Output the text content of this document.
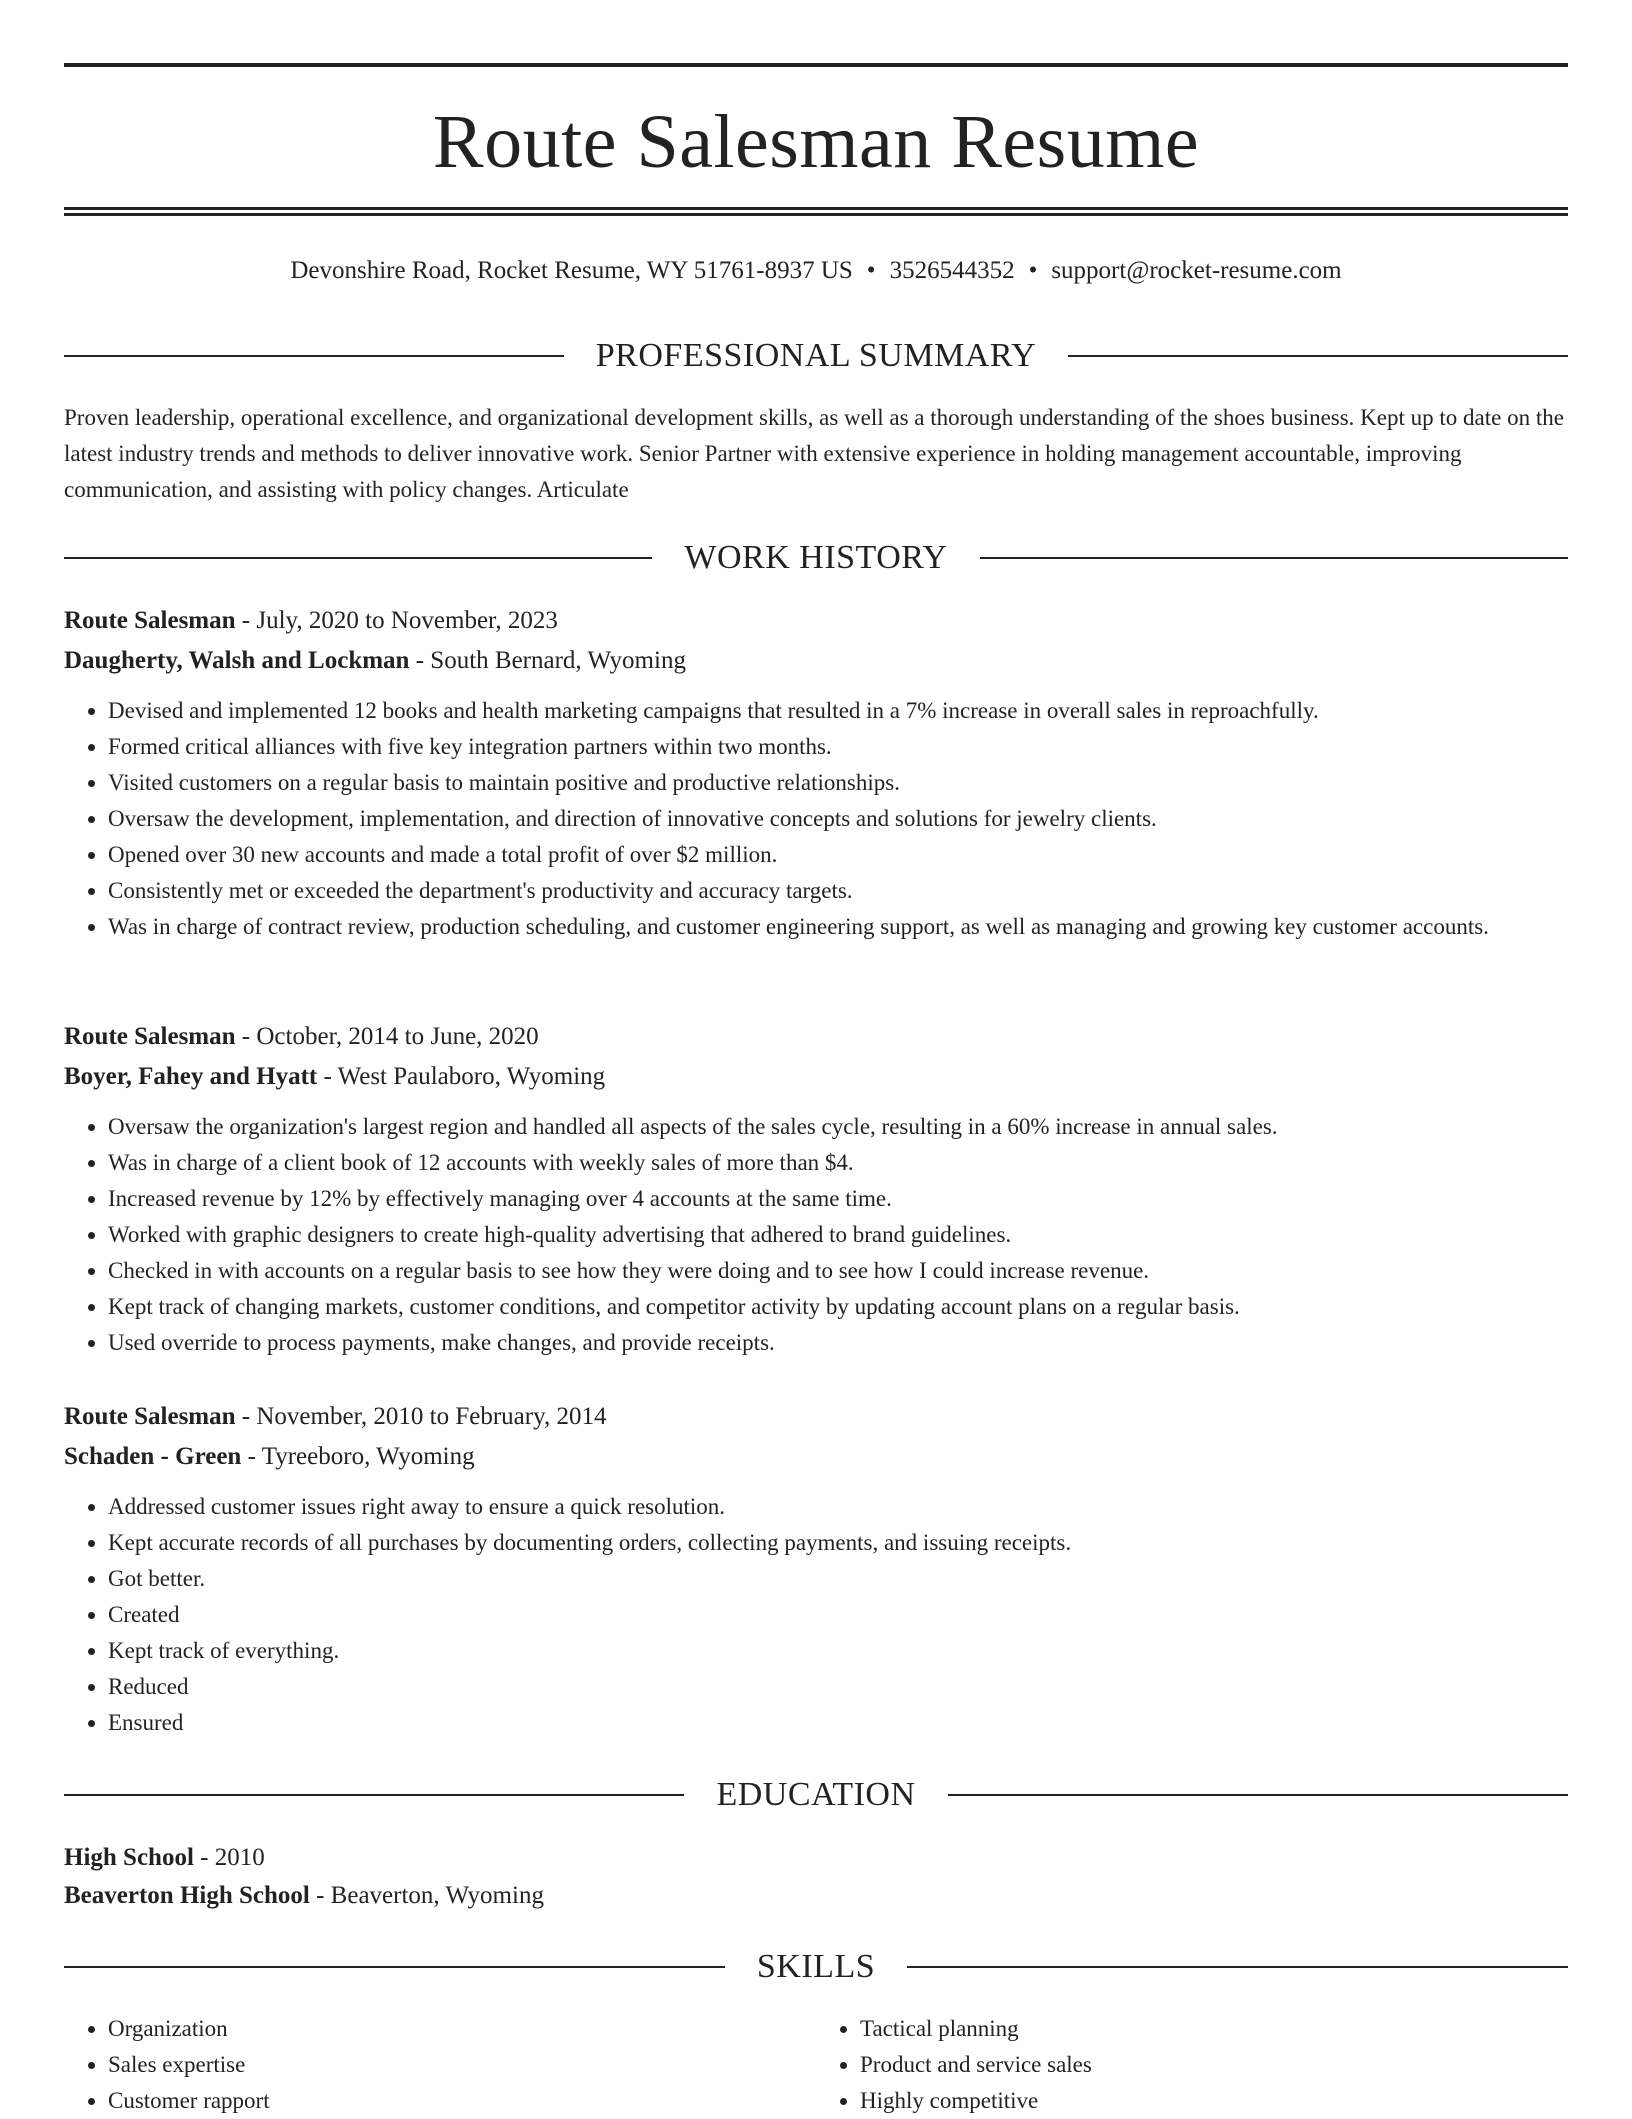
Route Salesman Resume
Devonshire Road, Rocket Resume, WY 51761-8937 US • 3526544352 • support@rocket-resume.com
PROFESSIONAL SUMMARY
Proven leadership, operational excellence, and organizational development skills, as well as a thorough understanding of the shoes business. Kept up to date on the latest industry trends and methods to deliver innovative work. Senior Partner with extensive experience in holding management accountable, improving communication, and assisting with policy changes. Articulate
WORK HISTORY
Route Salesman - July, 2020 to November, 2023
Daugherty, Walsh and Lockman - South Bernard, Wyoming
• Devised and implemented 12 books and health marketing campaigns that resulted in a 7% increase in overall sales in reproachfully.
• Formed critical alliances with five key integration partners within two months.
• Visited customers on a regular basis to maintain positive and productive relationships.
• Oversaw the development, implementation, and direction of innovative concepts and solutions for jewelry clients.
• Opened over 30 new accounts and made a total profit of over $2 million.
• Consistently met or exceeded the department's productivity and accuracy targets.
• Was in charge of contract review, production scheduling, and customer engineering support, as well as managing and growing key customer accounts.
Route Salesman - October, 2014 to June, 2020
Boyer, Fahey and Hyatt - West Paulaboro, Wyoming
• Oversaw the organization's largest region and handled all aspects of the sales cycle, resulting in a 60% increase in annual sales.
• Was in charge of a client book of 12 accounts with weekly sales of more than $4.
• Increased revenue by 12% by effectively managing over 4 accounts at the same time.
• Worked with graphic designers to create high-quality advertising that adhered to brand guidelines.
• Checked in with accounts on a regular basis to see how they were doing and to see how I could increase revenue.
• Kept track of changing markets, customer conditions, and competitor activity by updating account plans on a regular basis.
• Used override to process payments, make changes, and provide receipts.
Route Salesman - November, 2010 to February, 2014
Schaden - Green - Tyreeboro, Wyoming
• Addressed customer issues right away to ensure a quick resolution.
• Kept accurate records of all purchases by documenting orders, collecting payments, and issuing receipts.
• Got better.
• Created
• Kept track of everything.
• Reduced
• Ensured
EDUCATION
High School - 2010
Beaverton High School - Beaverton, Wyoming
SKILLS
• Organization
• Sales expertise
• Customer rapport
• Tactical planning
• Product and service sales
• Highly competitive
